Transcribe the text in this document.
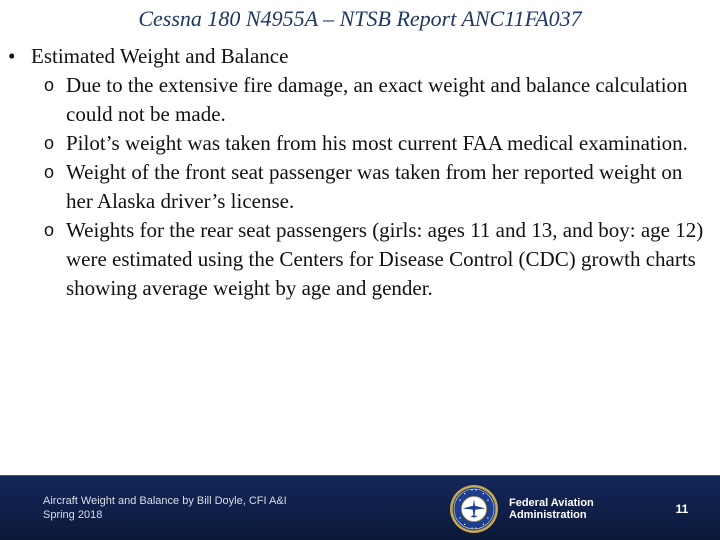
Cessna 180 N4955A – NTSB Report ANC11FA037
• Estimated Weight and Balance
o Due to the extensive fire damage, an exact weight and balance calculation could not be made.
o Pilot’s weight was taken from his most current FAA medical examination.
o Weight of the front seat passenger was taken from her reported weight on her Alaska driver’s license.
o Weights for the rear seat passengers (girls: ages 11 and 13, and boy: age 12) were estimated using the Centers for Disease Control (CDC) growth charts showing average weight by age and gender.
Aircraft Weight and Balance by Bill Doyle, CFI A&I
Spring 2018
Federal Aviation
Administration	11
